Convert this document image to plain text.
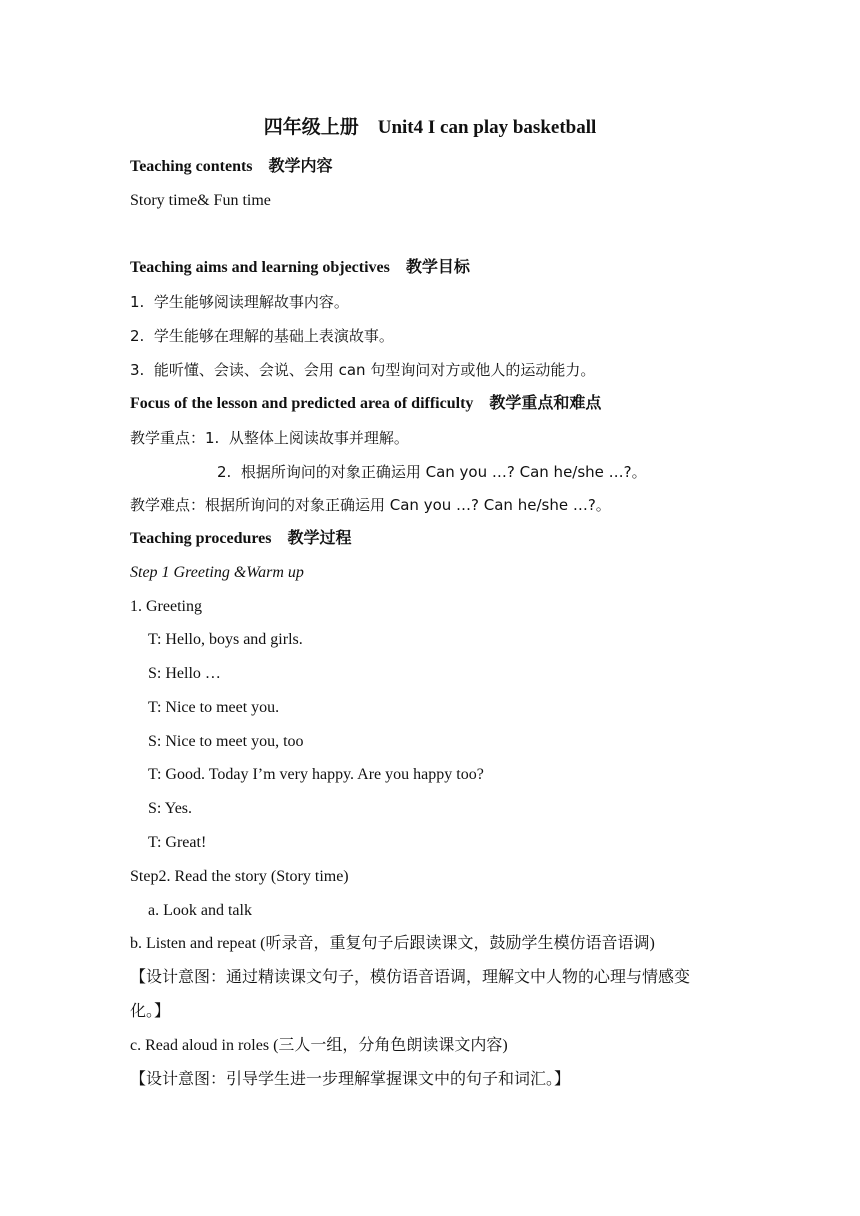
四年级上册    Unit4 I can play basketball
Teaching contents    教学内容
Story time& Fun time
Teaching aims and learning objectives    教学目标
1.  学生能够阅读理解故事内容。
2.  学生能够在理解的基础上表演故事。
3.  能听懂、会读、会说、会用 can 句型询问对方或他人的运动能力。
Focus of the lesson and predicted area of difficulty    教学重点和难点
教学重点：1.  从整体上阅读故事并理解。
2.  根据所询问的对象正确运用 Can you …? Can he/she …?。
教学难点：根据所询问的对象正确运用 Can you …? Can he/she …?。
Teaching procedures    教学过程
Step 1 Greeting &Warm up
1. Greeting
T: Hello, boys and girls.
S: Hello …
T: Nice to meet you.
S: Nice to meet you, too
T: Good. Today I’m very happy. Are you happy too?
S: Yes.
T: Great!
Step2. Read the story (Story time)
a. Look and talk
b. Listen and repeat (听录音，重复句子后跟读课文，鼓励学生模仿语音语调)
【设计意图：通过精读课文句子，模仿语音语调，理解文中人物的心理与情感变
化。】
c. Read aloud in roles (三人一组，分角色朗读课文内容)
【设计意图：引导学生进一步理解掌握课文中的句子和词汇。】
